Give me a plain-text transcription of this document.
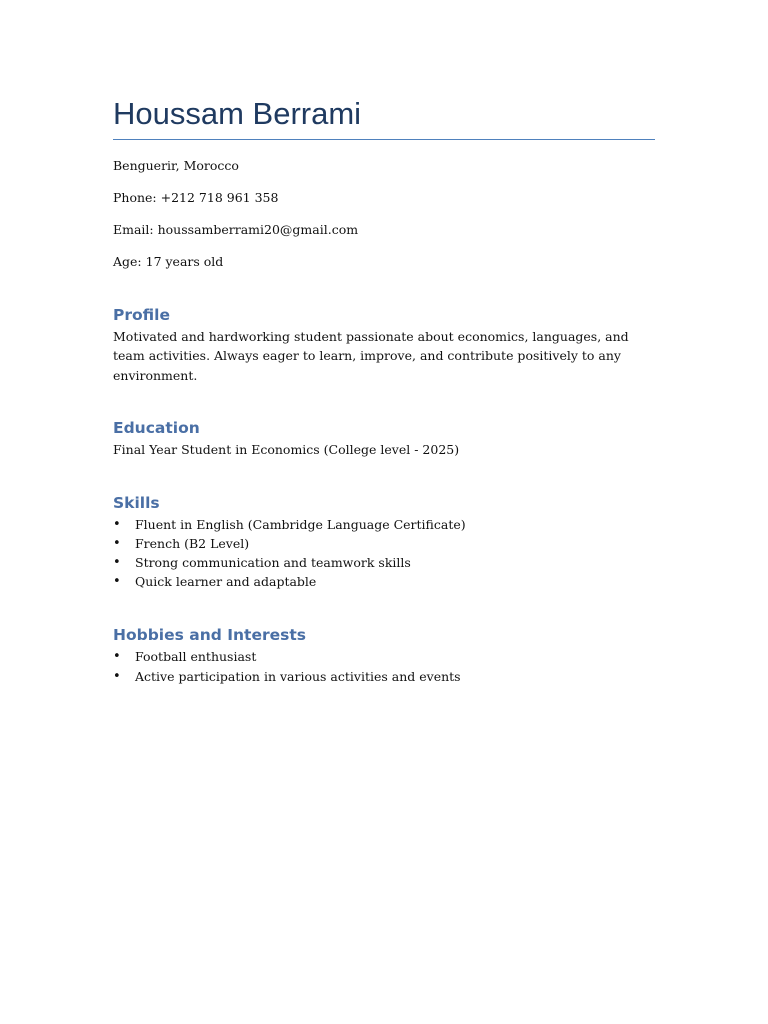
Houssam Berrami

Benguerir, Morocco

Phone: +212 718 961 358

Email: houssamberrami20@gmail.com

Age: 17 years old

Profile

Motivated and hardworking student passionate about economics, languages, and team activities. Always eager to learn, improve, and contribute positively to any environment.

Education

Final Year Student in Economics (College level - 2025)

Skills
• Fluent in English (Cambridge Language Certificate)
• French (B2 Level)
• Strong communication and teamwork skills
• Quick learner and adaptable
Hobbies and Interests
• Football enthusiast
• Active participation in various activities and events
